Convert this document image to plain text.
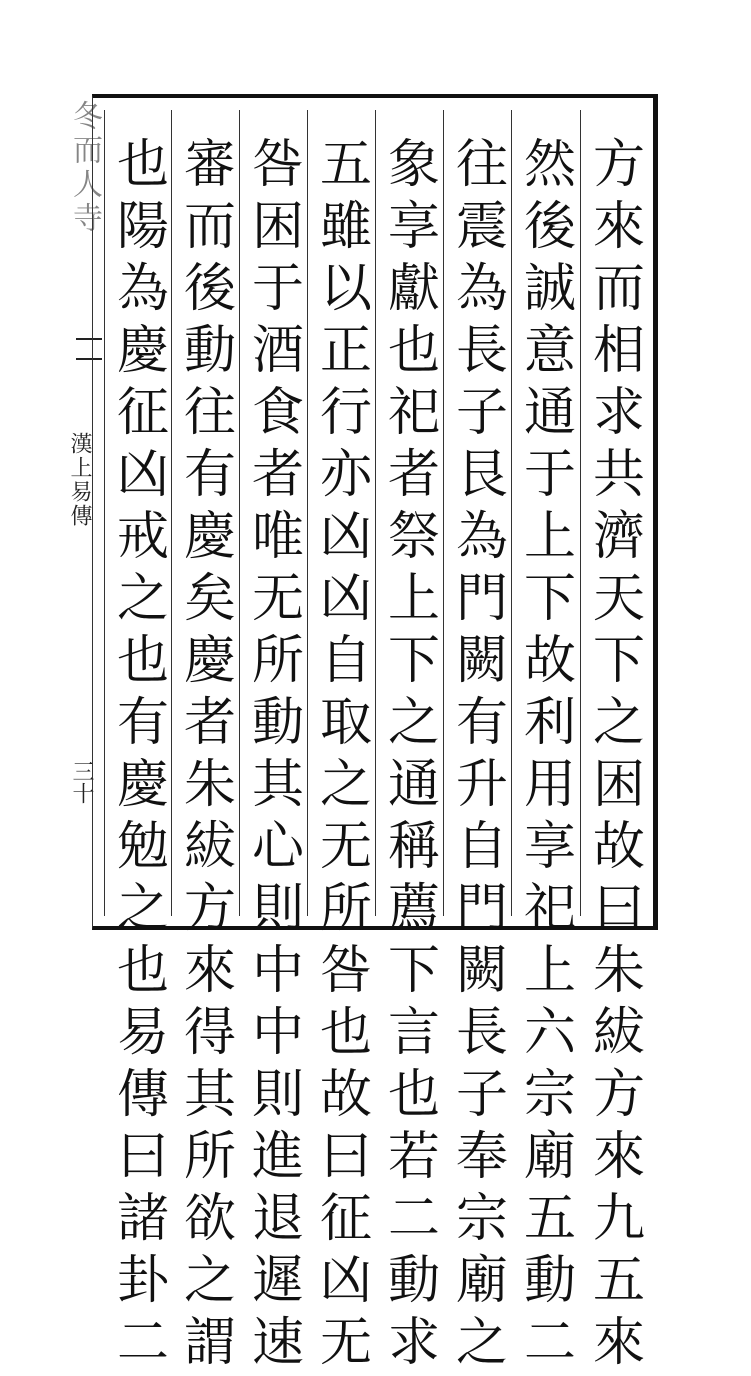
冬而人寺
漢上易傳
三十	方來而相求共濟天下之困故曰朱紱方來九五來
然後誠意通于上下故利用享祀上六宗廟五動二
往震為長子艮為門闕有升自門闕長子奉宗廟之
象享獻也祀者祭上下之通稱薦下言也若二動求
五雖以正行亦凶凶自取之无所咎也故曰征凶无
咎困于酒食者唯无所動其心則中中則進退遲速
審而後動往有慶矣慶者朱紱方來得其所欲之謂
也陽為慶征凶戒之也有慶勉之也易傳曰諸卦二
